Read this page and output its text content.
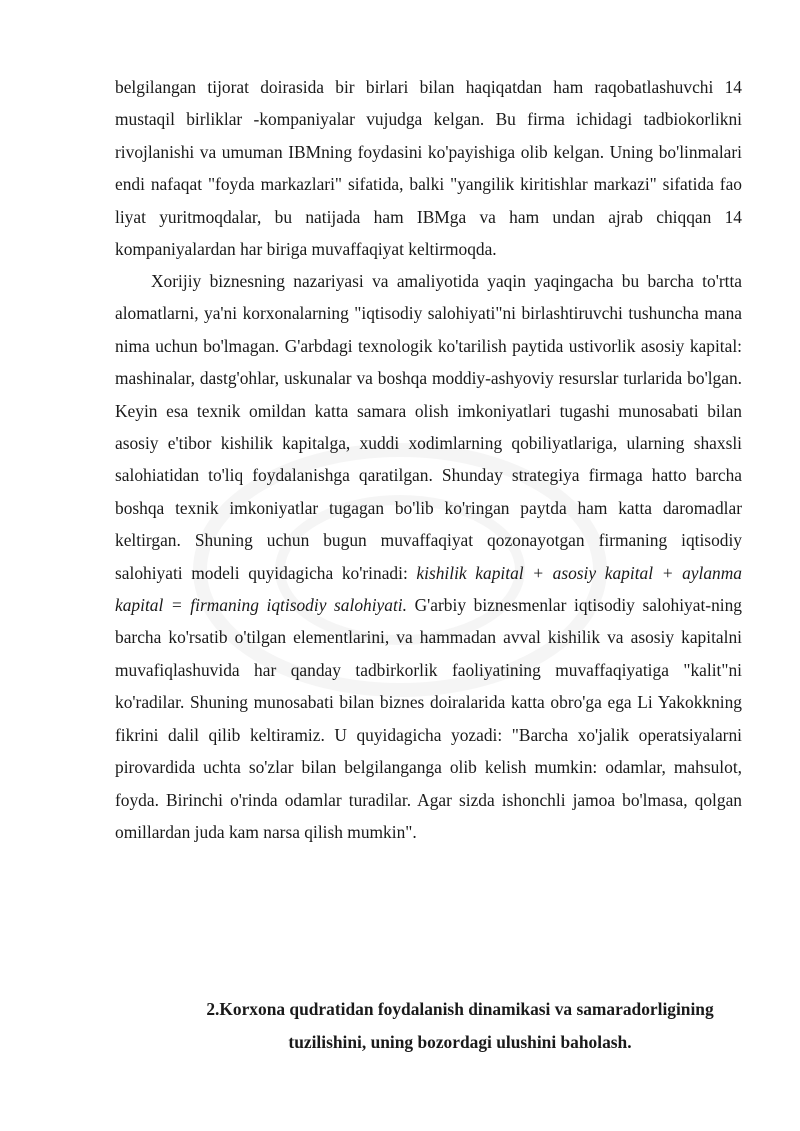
belgilangan tijorat doirasida bir birlari bilan haqiqatdan ham raqobatlashuvchi 14 mustaqil birliklar -kompaniyalar vujudga kelgan. Bu firma ichidagi tadbiokorlikni rivojlanishi va umuman IBMning foydasini ko'payishiga olib kelgan. Uning bo'linmalari endi nafaqat "foyda markazlari" sifatida, balki "yangilik kiritishlar markazi" sifatida fao liyat yuritmoqdalar, bu natijada ham IBMga va ham undan ajrab chiqqan 14 kompaniyalardan har biriga muvaffaqiyat keltirmoqda.

Xorijiy biznesning nazariyasi va amaliyotida yaqin yaqingacha bu barcha to'rtta alomatlarni, ya'ni korxonalarning "iqtisodiy salohiyati"ni birlashtiruvchi tushuncha mana nima uchun bo'lmagan. G'arbdagi texnologik ko'tarilish paytida ustivorlik asosiy kapital: mashinalar, dastg'ohlar, uskunalar va boshqa moddiy-ashyoviy resurslar turlarida bo'lgan. Keyin esa texnik omildan katta samara olish imkoniyatlari tugashi munosabati bilan asosiy e'tibor kishilik kapitalga, xuddi xodimlarning qobiliyatlariga, ularning shaxsli salohiatidan to'liq foydalanishga qaratilgan. Shunday strategiya firmaga hatto barcha boshqa texnik imkoniyatlar tugagan bo'lib ko'ringan paytda ham katta daromadlar keltirgan. Shuning uchun bugun muvaffaqiyat qozonayotgan firmaning iqtisodiy salohiyati modeli quyidagicha ko'rinadi: kishilik kapital + asosiy kapital + aylanma kapital = firmaning iqtisodiy salohiyati. G'arbiy biznesmenlar iqtisodiy salohiyat-ning barcha ko'rsatib o'tilgan elementlarini, va hammadan avval kishilik va asosiy kapitalni muvafiqlashuvida har qanday tadbirkorlik faoliyatining muvaffaqiyatiga "kalit"ni ko'radilar. Shuning munosabati bilan biznes doiralarida katta obro'ga ega Li Yakokkning fikrini dalil qilib keltiramiz. U quyidagicha yozadi: "Barcha xo'jalik operatsiyalarni pirovardida uchta so'zlar bilan belgilanganga olib kelish mumkin: odamlar, mahsulot, foyda. Birinchi o'rinda odamlar turadilar. Agar sizda ishonchli jamoa bo'lmasa, qolgan omillardan juda kam narsa qilish mumkin".

2.Korxona qudratidan foydalanish dinamikasi va samaradorligining
tuzilishini, uning bozordagi ulushini baholash.
